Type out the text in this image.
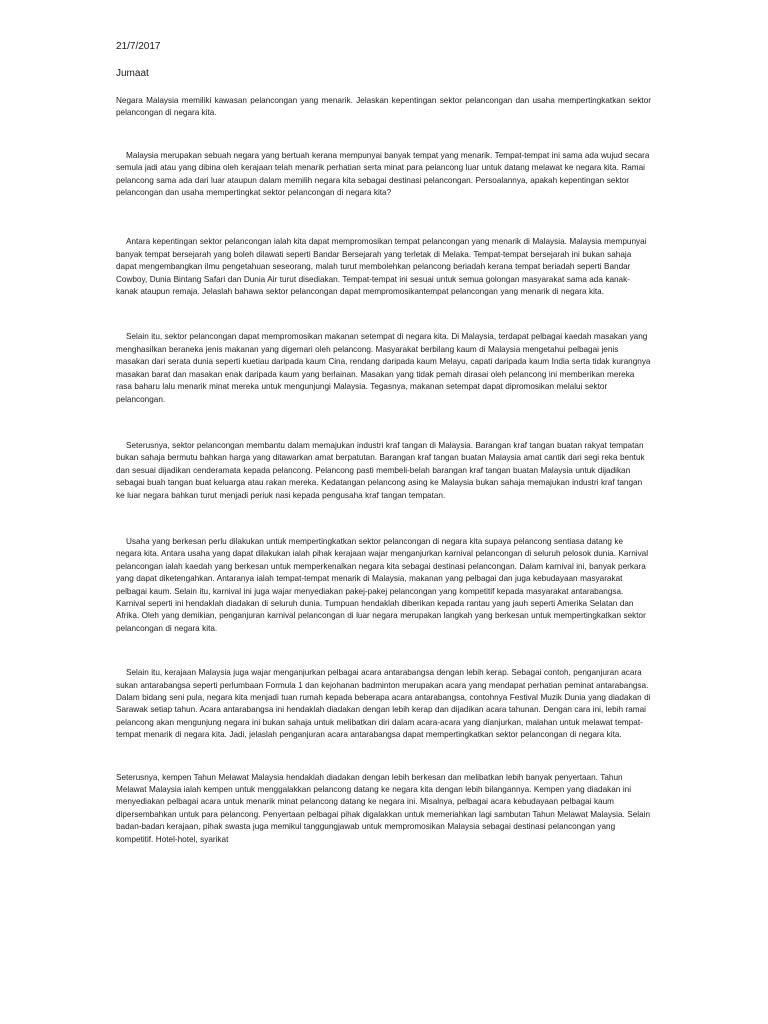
21/7/2017
Jumaat
Negara Malaysia memiliki kawasan pelancongan yang menarik. Jelaskan kepentingan sektor pelancongan dan usaha mempertingkatkan sektor pelancongan di negara kita.
Malaysia merupakan sebuah negara yang bertuah kerana mempunyai banyak tempat yang menarik. Tempat-tempat ini sama ada wujud secara semula jadi atau yang dibina oleh kerajaan telah menarik perhatian serta minat para pelancong luar untuk datang melawat ke negara kita. Ramai pelancong sama ada dari luar ataupun dalam memilih negara kita sebagai destinasi pelancongan. Persoalannya, apakah kepentingan sektor pelancongan dan usaha mempertingkat sektor pelancongan di negara kita?
Antara kepentingan sektor pelancongan ialah kita dapat mempromosikan tempat pelancongan yang menarik di Malaysia. Malaysia mempunyai banyak tempat bersejarah yang boleh dilawati seperti Bandar Bersejarah yang terletak di Melaka. Tempat-tempat bersejarah ini bukan sahaja dapat mengembangkan ilmu pengetahuan seseorang, malah turut membolehkan pelancong beriadah kerana tempat beriadah seperti Bandar Cowboy, Dunia Bintang Safari dan Dunia Air turut disediakan. Tempat-tempat ini sesuai untuk semua golongan masyarakat sama ada kanak-kanak ataupun remaja. Jelaslah bahawa sektor pelancongan dapat mempromosikantempat pelancongan yang menarik di negara kita.
Selain itu, sektor pelancongan dapat mempromosikan makanan setempat di negara kita. Di Malaysia, terdapat pelbagai kaedah masakan yang menghasilkan beraneka jenis makanan yang digemari oleh pelancong. Masyarakat berbilang kaum di Malaysia mengetahui pelbagai jenis masakan dari serata dunia seperti kuetiau daripada kaum Cina, rendang daripada kaum Melayu, capati daripada kaum India serta tidak kurangnya masakan barat dan masakan enak daripada kaum yang berlainan. Masakan yang tidak pernah dirasai oleh pelancong ini memberikan mereka rasa baharu lalu menarik minat mereka untuk mengunjungi Malaysia. Tegasnya, makanan setempat dapat dipromosikan melalui sektor pelancongan.
Seterusnya, sektor pelancongan membantu dalam memajukan industri kraf tangan di Malaysia. Barangan kraf tangan buatan rakyat tempatan bukan sahaja bermutu bahkan harga yang ditawarkan amat berpatutan. Barangan kraf tangan buatan Malaysia amat cantik dari segi reka bentuk dan sesuai dijadikan cenderamata kepada pelancong. Pelancong pasti membeli-belah barangan kraf tangan buatan Malaysia untuk dijadikan sebagai buah tangan buat keluarga atau rakan mereka. Kedatangan pelancong asing ke Malaysia bukan sahaja memajukan industri kraf tangan ke luar negara bahkan turut menjadi periuk nasi kepada pengusaha kraf tangan tempatan.
Usaha yang berkesan perlu dilakukan untuk mempertingkatkan sektor pelancongan di negara kita supaya pelancong sentiasa datang ke negara kita. Antara usaha yang dapat dilakukan ialah pihak kerajaan wajar menganjurkan karnival pelancongan di seluruh pelosok dunia. Karnival pelancongan ialah kaedah yang berkesan untuk memperkenalkan negara kita sebagai destinasi pelancongan. Dalam karnival ini, banyak perkara yang dapat diketengahkan. Antaranya ialah tempat-tempat menarik di Malaysia, makanan yang pelbagai dan juga kebudayaan masyarakat pelbagai kaum. Selain itu, karnival ini juga wajar menyediakan pakej-pakej pelancongan yang kompetitif kepada masyarakat antarabangsa. Karnival seperti ini hendaklah diadakan di seluruh dunia. Tumpuan hendaklah diberikan kepada rantau yang jauh seperti Amerika Selatan dan Afrika. Oleh yang demikian, penganjuran karnival pelancongan di luar negara merupakan langkah yang berkesan untuk mempertingkatkan sektor pelancongan di negara kita.
Selain itu, kerajaan Malaysia juga wajar menganjurkan pelbagai acara antarabangsa dengan lebih kerap. Sebagai contoh, penganjuran acara sukan antarabangsa seperti perlumbaan Formula 1 dan kejohanan badminton merupakan acara yang mendapat perhatian peminat antarabangsa. Dalam bidang seni pula, negara kita menjadi tuan rumah kepada beberapa acara antarabangsa, contohnya Festival Muzik Dunia yang diadakan di Sarawak setiap tahun. Acara antarabangsa ini hendaklah diadakan dengan lebih kerap dan dijadikan acara tahunan. Dengan cara ini, lebih ramai pelancong akan mengunjung negara ini bukan sahaja untuk melibatkan diri dalam acara-acara yang dianjurkan, malahan untuk melawat tempat-tempat menarik di negara kita. Jadi, jelaslah penganjuran acara antarabangsa dapat mempertingkatkan sektor pelancongan di negara kita.
Seterusnya, kempen Tahun Melawat Malaysia hendaklah diadakan dengan lebih berkesan dan melibatkan lebih banyak penyertaan. Tahun Melawat Malaysia ialah kempen untuk menggalakkan pelancong datang ke negara kita dengan lebih bilangannya. Kempen yang diadakan ini menyediakan pelbagai acara untuk menarik minat pelancong datang ke negara ini. Misalnya, pelbagai acara kebudayaan pelbagai kaum dipersembahkan untuk para pelancong. Penyertaan pelbagai pihak digalakkan untuk memeriahkan lagi sambutan Tahun Melawat Malaysia. Selain badan-badan kerajaan, pihak swasta juga memikul tanggungjawab untuk mempromosikan Malaysia sebagai destinasi pelancongan yang kompetitif. Hotel-hotel, syarikat
